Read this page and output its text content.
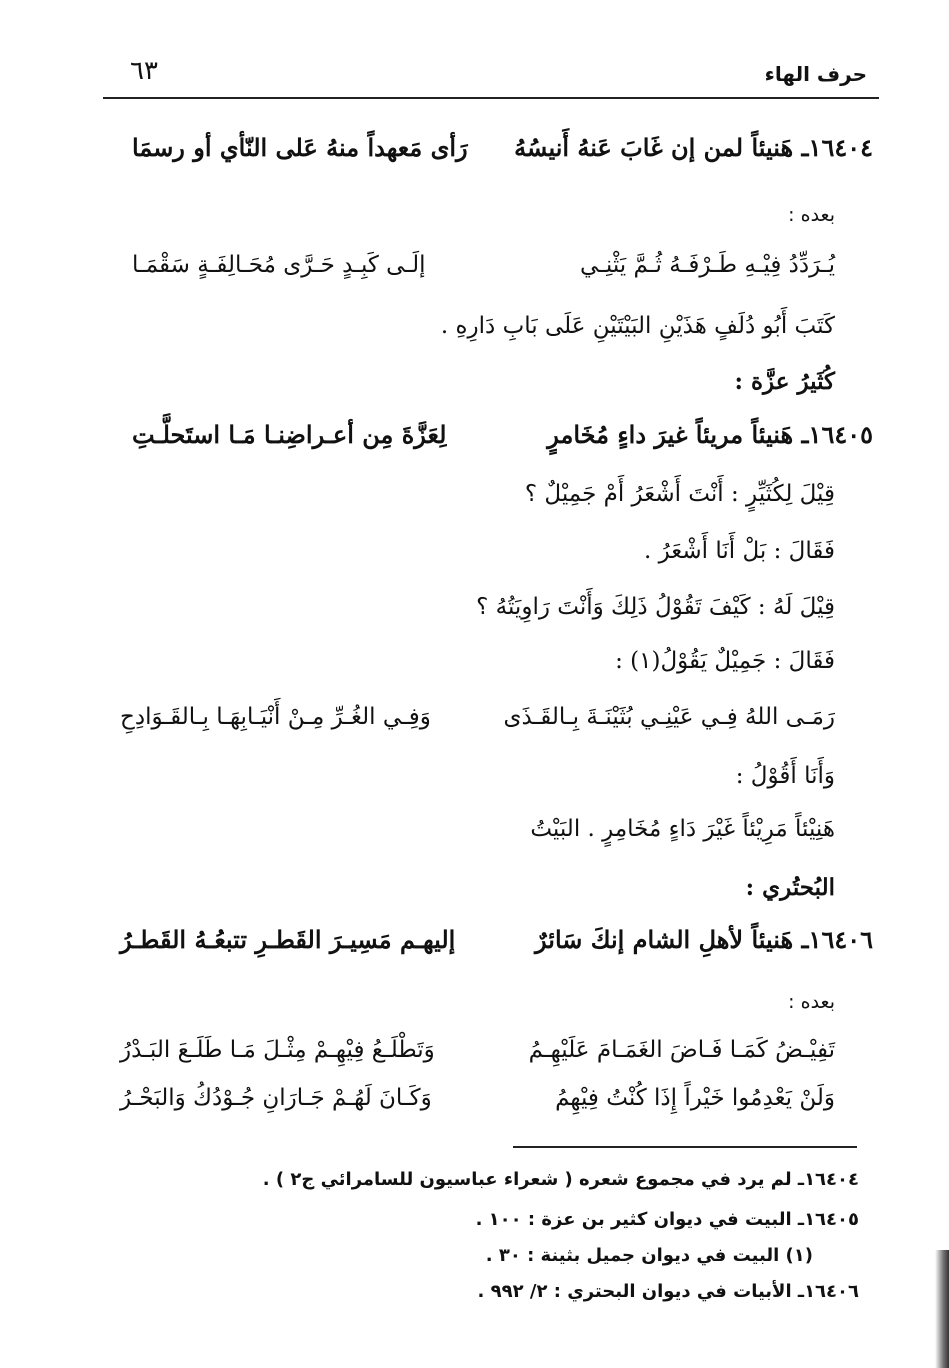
حرف الهاء
٦٣
١٦٤٠٤ـ هَنيئاً لمن إن غَابَ عَنهُ أَنيسُهُ
رَأى مَعهداً منهُ عَلى النّأي أو رسمَا
بعده :
يُـرَدِّدُ فِيْـهِ طَـرْفَـهُ ثُـمَّ يَثْنِـي
إلَـى كَبِـدٍ حَـرَّى مُحَـالِفَـةٍ سَقْمَـا
كَتَبَ أَبُو دُلَفٍ هَذَيْنِ البَيْتَيْنِ عَلَى بَابِ دَارِهِ .
كُثَيرُ عزَّة :
١٦٤٠٥ـ هَنيئاً مريئاً غيرَ داءٍ مُخَامرٍ
لِعَزَّةَ مِن أعـراضِنـا مَـا استَحلَّـتِ
قِيْلَ لِكُثَيِّرٍ : أَنْتَ أَشْعَرُ أَمْ جَمِيْلٌ ؟
فَقَالَ : بَلْ أَنَا أَشْعَرُ .
قِيْلَ لَهُ : كَيْفَ تَقُوْلُ ذَلِكَ وَأَنْتَ رَاوِيَتُهُ ؟
فَقَالَ : جَمِيْلٌ يَقُوْلُ(١) :
رَمَـى اللهُ فِـي عَيْنِـي بُثَيْنَـةَ بِـالقَـذَى
وَفِـي الغُـرِّ مِـنْ أَنْيَـابِهَـا بِـالقَـوَادِحِ
وَأَنَا أَقُوْلُ :
هَنِيْئاً مَرِيْئاً غَيْرَ دَاءٍ مُخَامِرٍ . البَيْتُ
البُحتُري :
١٦٤٠٦ـ هَنيئاً لأهلِ الشام إنكَ سَائرٌ
إليهـم مَسِيـرَ القَطـرِ تتبعُـهُ القَطـرُ
بعده :
تَفِيْـضُ كَمَـا فَـاضَ الغَمَـامَ عَلَيْهِـمُ
وَتَطْلَـعُ فِيْهِـمْ مِثْـلَ مَـا طَلَـعَ البَـدْرُ
وَلَنْ يَعْدِمُوا خَيْراً إِذَا كُنْتُ فِيْهِمُ
وَكَـانَ لَهُـمْ جَـارَانِ جُـوْدُكُ وَالبَحْـرُ
١٦٤٠٤ـ لم يرد في مجموع شعره ( شعراء عباسيون للسامرائي ج٢ ) .
١٦٤٠٥ـ البيت في ديوان كثير بن عزة : ١٠٠ .
(١) البيت في ديوان جميل بثينة : ٣٠ .
١٦٤٠٦ـ الأبيات في ديوان البحتري : ٢/ ٩٩٢ .
